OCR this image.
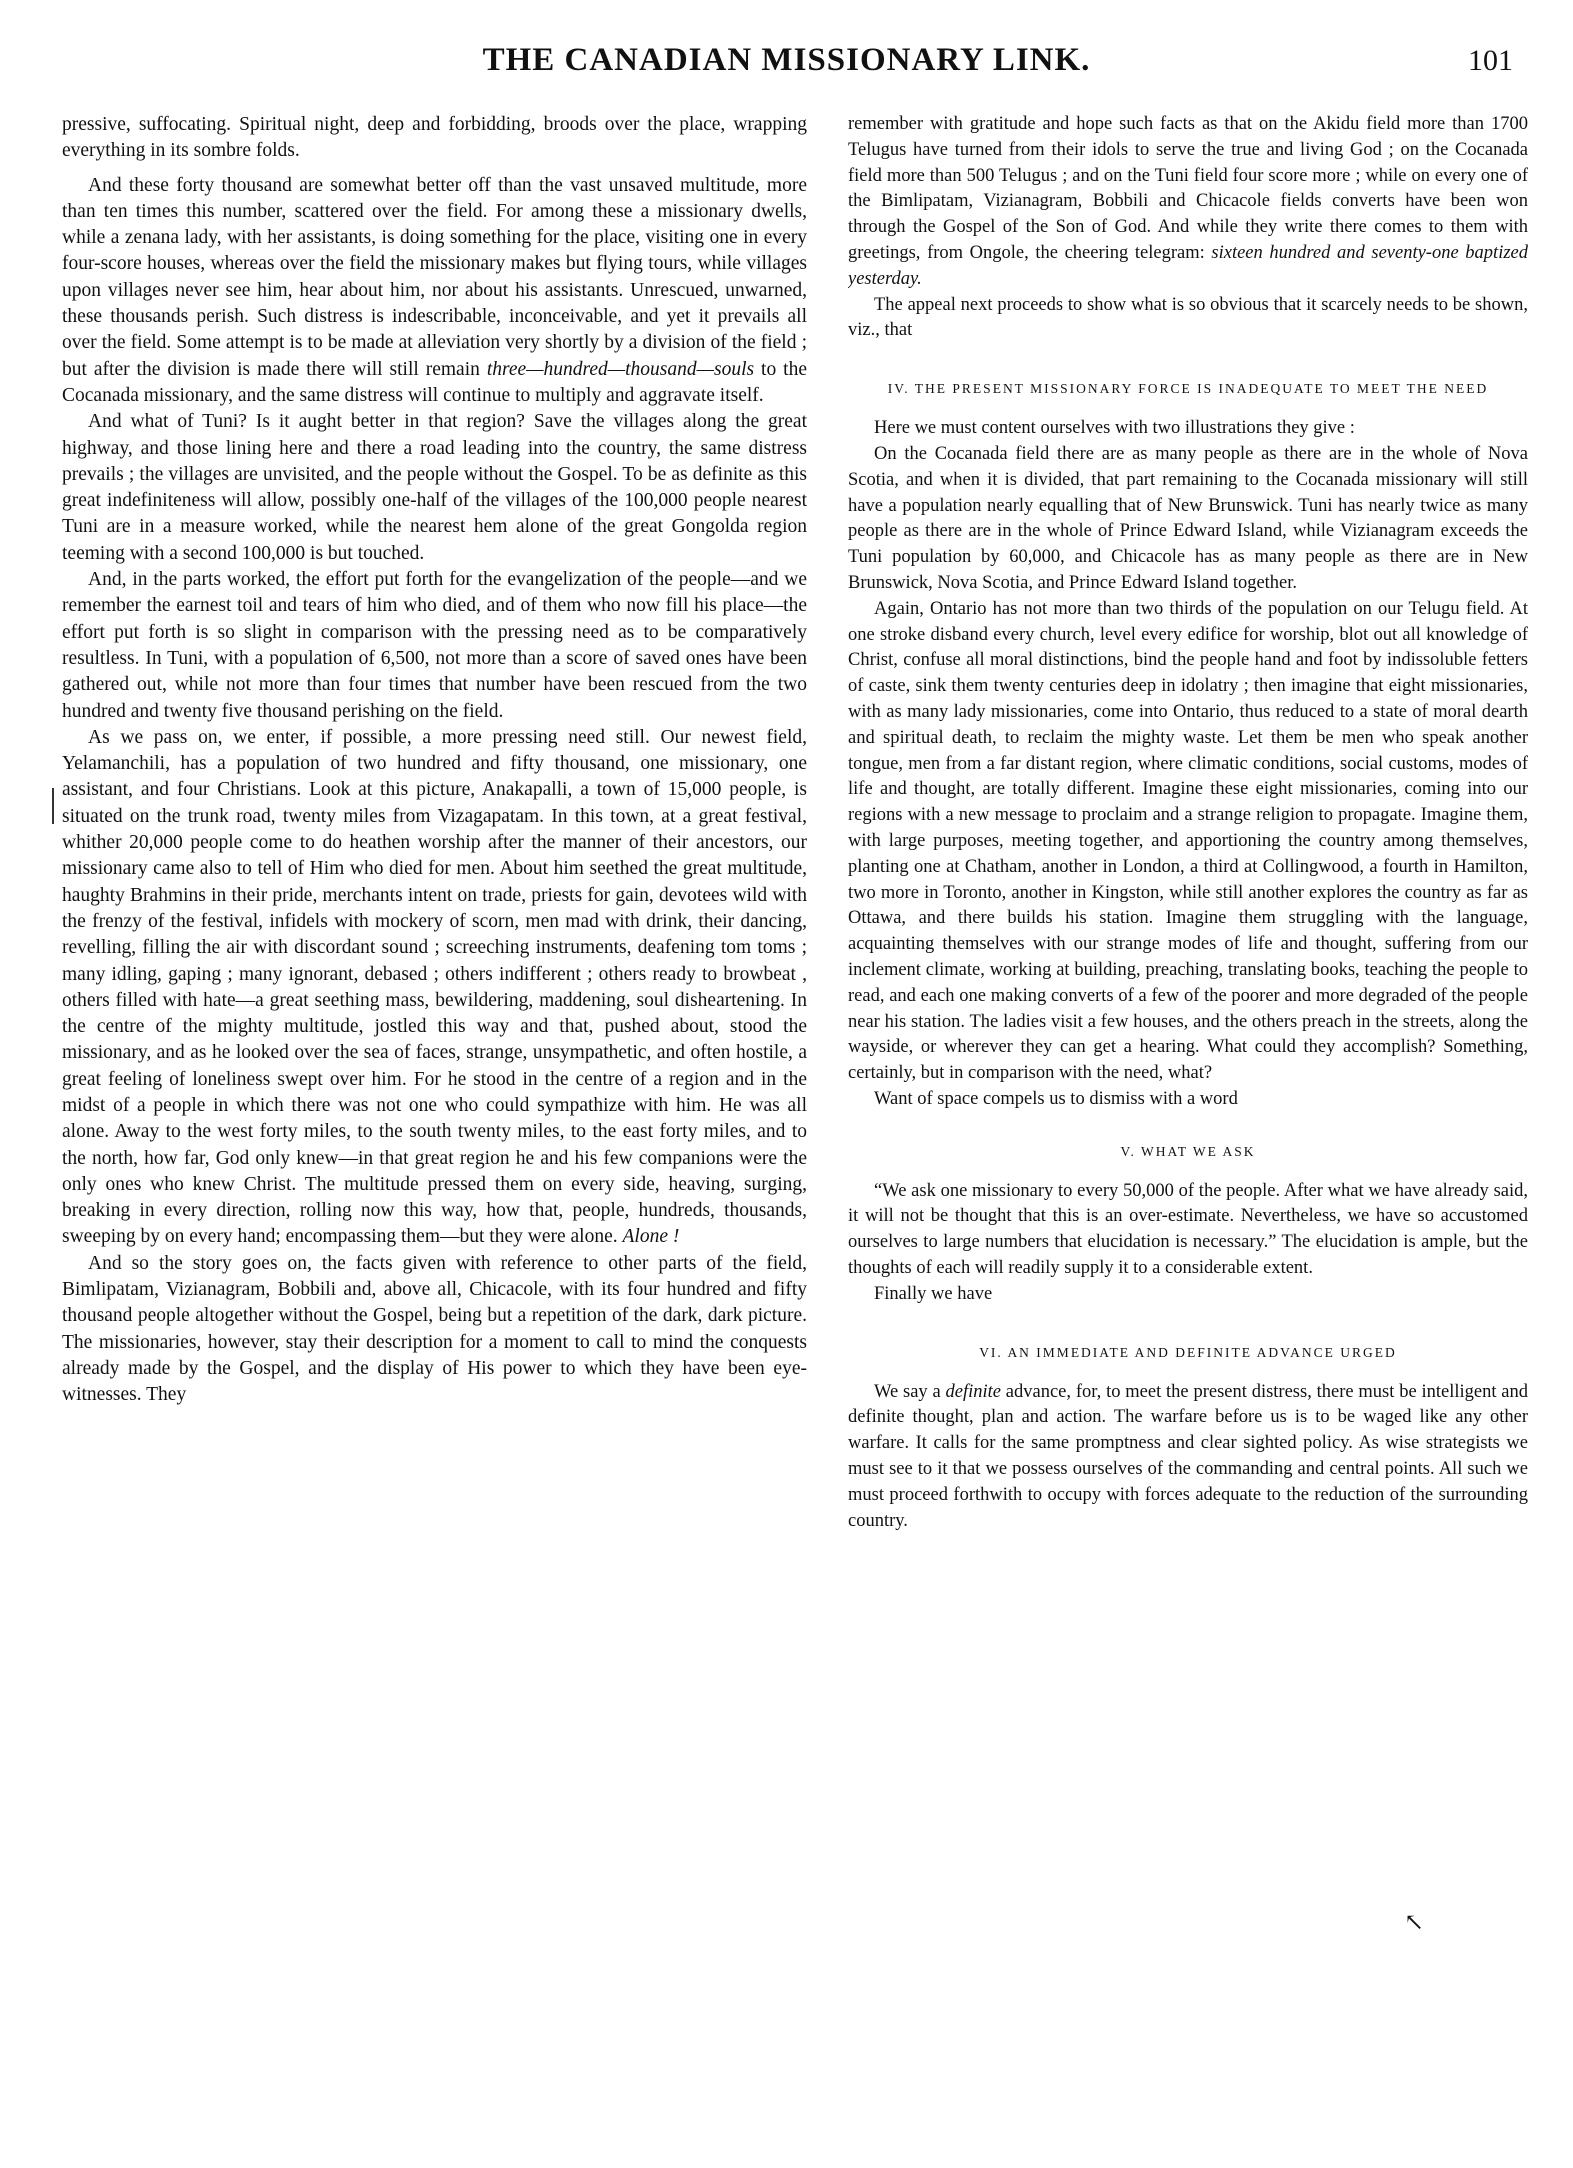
THE CANADIAN MISSIONARY LINK.	101

pressive, suffocating. Spiritual night, deep and forbidding, broods over the place, wrapping everything in its sombre folds.

And these forty thousand are somewhat better off than the vast unsaved multitude, more than ten times this number, scattered over the field. For among these a missionary dwells, while a zenana lady, with her assistants, is doing something for the place, visiting one in every four-score houses, whereas over the field the missionary makes but flying tours, while villages upon villages never see him, hear about him, nor about his assistants. Unrescued, unwarned, these thousands perish. Such distress is indescribable, inconceivable, and yet it prevails all over the field. Some attempt is to be made at alleviation very shortly by a division of the field ; but after the division is made there will still remain three—hundred—thousand—souls to the Cocanada missionary, and the same distress will continue to multiply and aggravate itself.

And what of Tuni? Is it aught better in that region? Save the villages along the great highway, and those lining here and there a road leading into the country, the same distress prevails ; the villages are unvisited, and the people without the Gospel. To be as definite as this great indefiniteness will allow, possibly one-half of the villages of the 100,000 people nearest Tuni are in a measure worked, while the nearest hem alone of the great Gongolda region teeming with a second 100,000 is but touched.

And, in the parts worked, the effort put forth for the evangelization of the people—and we remember the earnest toil and tears of him who died, and of them who now fill his place—the effort put forth is so slight in comparison with the pressing need as to be comparatively resultless. In Tuni, with a population of 6,500, not more than a score of saved ones have been gathered out, while not more than four times that number have been rescued from the two hundred and twenty five thousand perishing on the field.

As we pass on, we enter, if possible, a more pressing need still. Our newest field, Yelamanchili, has a population of two hundred and fifty thousand, one missionary, one assistant, and four Christians. Look at this picture, Anakapalli, a town of 15,000 people, is situated on the trunk road, twenty miles from Vizagapatam. In this town, at a great festival, whither 20,000 people come to do heathen worship after the manner of their ancestors, our missionary came also to tell of Him who died for men. About him seethed the great multitude, haughty Brahmins in their pride, merchants intent on trade, priests for gain, devotees wild with the frenzy of the festival, infidels with mockery of scorn, men mad with drink, their dancing, revelling, filling the air with discordant sound ; screeching instruments, deafening tom toms ; many idling, gaping ; many ignorant, debased ; others indifferent ; others ready to browbeat , others filled with hate—a great seething mass, bewildering, maddening, soul disheartening. In the centre of the mighty multitude, jostled this way and that, pushed about, stood the missionary, and as he looked over the sea of faces, strange, unsympathetic, and often hostile, a great feeling of loneliness swept over him. For he stood in the centre of a region and in the midst of a people in which there was not one who could sympathize with him. He was all alone. Away to the west forty miles, to the south twenty miles, to the east forty miles, and to the north, how far, God only knew—in that great region he and his few companions were the only ones who knew Christ. The multitude pressed them on every side, heaving, surging, breaking in every direction, rolling now this way, how that, people, hundreds, thousands, sweeping by on every hand; encompassing them—but they were alone. Alone !

And so the story goes on, the facts given with reference to other parts of the field, Bimlipatam, Vizianagram, Bobbili and, above all, Chicacole, with its four hundred and fifty thousand people altogether without the Gospel, being but a repetition of the dark, dark picture. The missionaries, however, stay their description for a moment to call to mind the conquests already made by the Gospel, and the display of His power to which they have been eye-witnesses. They

remember with gratitude and hope such facts as that on the Akidu field more than 1700 Telugus have turned from their idols to serve the true and living God ; on the Cocanada field more than 500 Telugus ; and on the Tuni field four score more ; while on every one of the Bimlipatam, Vizianagram, Bobbili and Chicacole fields converts have been won through the Gospel of the Son of God. And while they write there comes to them with greetings, from Ongole, the cheering telegram: sixteen hundred and seventy-one baptized yesterday.

The appeal next proceeds to show what is so obvious that it scarcely needs to be shown, viz., that

IV. THE PRESENT MISSIONARY FORCE IS INADEQUATE TO MEET THE NEED

Here we must content ourselves with two illustrations they give :

On the Cocanada field there are as many people as there are in the whole of Nova Scotia, and when it is divided, that part remaining to the Cocanada missionary will still have a population nearly equalling that of New Brunswick. Tuni has nearly twice as many people as there are in the whole of Prince Edward Island, while Vizianagram exceeds the Tuni population by 60,000, and Chicacole has as many people as there are in New Brunswick, Nova Scotia, and Prince Edward Island together.

Again, Ontario has not more than two thirds of the population on our Telugu field. At one stroke disband every church, level every edifice for worship, blot out all knowledge of Christ, confuse all moral distinctions, bind the people hand and foot by indissoluble fetters of caste, sink them twenty centuries deep in idolatry ; then imagine that eight missionaries, with as many lady missionaries, come into Ontario, thus reduced to a state of moral dearth and spiritual death, to reclaim the mighty waste. Let them be men who speak another tongue, men from a far distant region, where climatic conditions, social customs, modes of life and thought, are totally different. Imagine these eight missionaries, coming into our regions with a new message to proclaim and a strange religion to propagate. Imagine them, with large purposes, meeting together, and apportioning the country among themselves, planting one at Chatham, another in London, a third at Collingwood, a fourth in Hamilton, two more in Toronto, another in Kingston, while still another explores the country as far as Ottawa, and there builds his station. Imagine them struggling with the language, acquainting themselves with our strange modes of life and thought, suffering from our inclement climate, working at building, preaching, translating books, teaching the people to read, and each one making converts of a few of the poorer and more degraded of the people near his station. The ladies visit a few houses, and the others preach in the streets, along the wayside, or wherever they can get a hearing. What could they accomplish? Something, certainly, but in comparison with the need, what?

Want of space compels us to dismiss with a word

V. WHAT WE ASK

“We ask one missionary to every 50,000 of the people. After what we have already said, it will not be thought that this is an over-estimate. Nevertheless, we have so accustomed ourselves to large numbers that elucidation is necessary.” The elucidation is ample, but the thoughts of each will readily supply it to a considerable extent.

Finally we have

VI. AN IMMEDIATE AND DEFINITE ADVANCE URGED

We say a definite advance, for, to meet the present distress, there must be intelligent and definite thought, plan and action. The warfare before us is to be waged like any other warfare. It calls for the same promptness and clear sighted policy. As wise strategists we must see to it that we possess ourselves of the commanding and central points. All such we must proceed forthwith to occupy with forces adequate to the reduction of the surrounding country.

↖
